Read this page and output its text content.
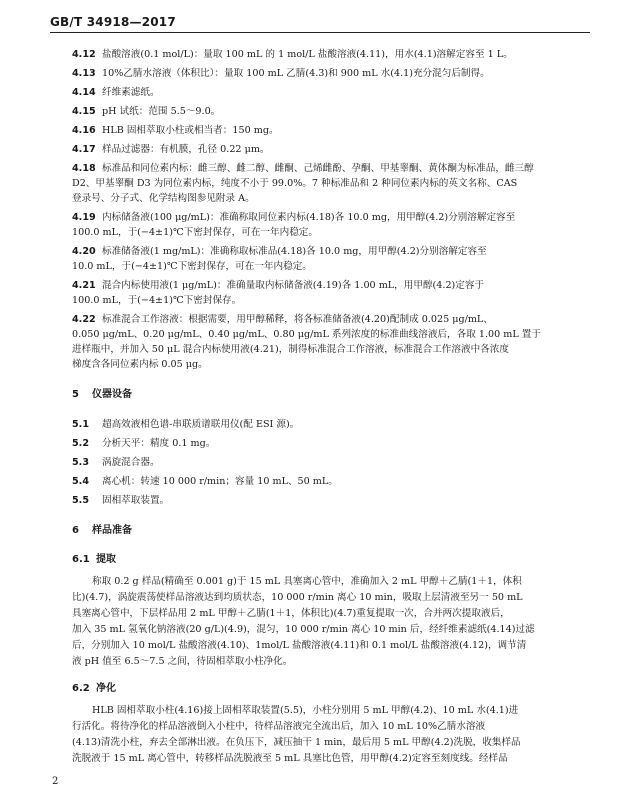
GB/T 34918—2017
4.12 盐酸溶液(0.1 mol/L)：量取 100 mL 的 1 mol/L 盐酸溶液(4.11)，用水(4.1)溶解定容至 1 L。
4.13 10%乙腈水溶液（体积比）：量取 100 mL 乙腈(4.3)和 900 mL 水(4.1)充分混匀后制得。
4.14 纤维素滤纸。
4.15 pH 试纸：范围 5.5～9.0。
4.16 HLB 固相萃取小柱或相当者：150 mg。
4.17 样品过滤器：有机膜，孔径 0.22 μm。
4.18 标准品和同位素内标：雌三醇、雌二醇、雌酮、己烯雌酚、孕酮、甲基睾酮、黄体酮为标准品，雌三醇
D2、甲基睾酮 D3 为同位素内标，纯度不小于 99.0%。7 种标准品和 2 种同位素内标的英文名称、CAS
登录号、分子式、化学结构图参见附录 A。
4.19 内标储备液(100 μg/mL)：准确称取同位素内标(4.18)各 10.0 mg，用甲醇(4.2)分别溶解定容至
100.0 mL，于(−4±1)℃下密封保存，可在一年内稳定。
4.20 标准储备液(1 mg/mL)：准确称取标准品(4.18)各 10.0 mg，用甲醇(4.2)分别溶解定容至
10.0 mL，于(−4±1)℃下密封保存，可在一年内稳定。
4.21 混合内标使用液(1 μg/mL)：准确量取内标储备液(4.19)各 1.00 mL，用甲醇(4.2)定容于
100.0 mL，于(−4±1)℃下密封保存。
4.22 标准混合工作溶液：根据需要，用甲醇稀释，将各标准储备液(4.20)配制成 0.025 μg/mL、
0.050 μg/mL、0.20 μg/mL、0.40 μg/mL、0.80 μg/mL 系列浓度的标准曲线溶液后，各取 1.00 mL 置于
进样瓶中，并加入 50 μL 混合内标使用液(4.21)，制得标准混合工作溶液，标准混合工作溶液中各浓度
梯度含各同位素内标 0.05 μg。
5 仪器设备
5.1 超高效液相色谱-串联质谱联用仪(配 ESI 源)。
5.2 分析天平：精度 0.1 mg。
5.3 涡旋混合器。
5.4 离心机：转速 10 000 r/min；容量 10 mL、50 mL。
5.5 固相萃取装置。
6 样品准备
6.1 提取
称取 0.2 g 样品(精确至 0.001 g)于 15 mL 具塞离心管中，准确加入 2 mL 甲醇＋乙腈(1＋1，体积
比)(4.7)，涡旋震荡使样品溶液达到均质状态，10 000 r/min 离心 10 min，吸取上层清液至另一 50 mL
具塞离心管中，下层样品用 2 mL 甲醇＋乙腈(1＋1，体积比)(4.7)重复提取一次，合并两次提取液后，
加入 35 mL 氢氧化钠溶液(20 g/L)(4.9)，混匀，10 000 r/min 离心 10 min 后，经纤维素滤纸(4.14)过滤
后，分别加入 10 mol/L 盐酸溶液(4.10)、1mol/L 盐酸溶液(4.11)和 0.1 mol/L 盐酸溶液(4.12)，调节清
液 pH 值至 6.5～7.5 之间，待固相萃取小柱净化。
6.2 净化
HLB 固相萃取小柱(4.16)接上固相萃取装置(5.5)，小柱分别用 5 mL 甲醇(4.2)、10 mL 水(4.1)进
行活化。将待净化的样品溶液倒入小柱中，待样品溶液完全流出后，加入 10 mL 10%乙腈水溶液
(4.13)清洗小柱，弃去全部淋出液。在负压下，减压抽干 1 min，最后用 5 mL 甲醇(4.2)洗脱，收集样品
洗脱液于 15 mL 离心管中，转移样品洗脱液至 5 mL 具塞比色管，用甲醇(4.2)定容至刻度线。经样品
2
